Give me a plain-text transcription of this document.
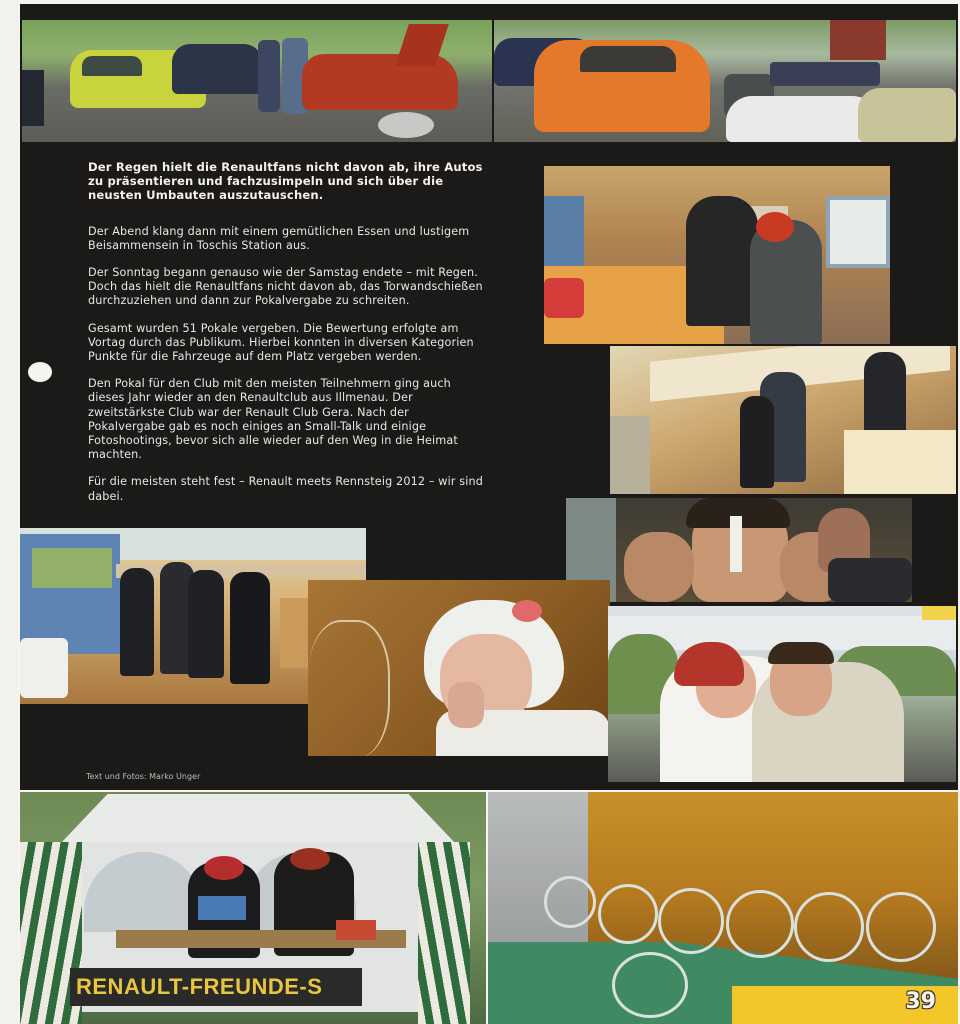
Der Regen hielt die Renaultfans nicht davon ab, ihre Autos zu präsentieren und fachzusimpeln und sich über die neusten Umbauten auszutauschen.

Der Abend klang dann mit einem gemütlichen Essen und lustigem Beisammensein in Toschis Station aus.

Der Sonntag begann genauso wie der Samstag endete – mit Regen. Doch das hielt die Renaultfans nicht davon ab, das Torwandschießen durchzuziehen und dann zur Pokalvergabe zu schreiten.

Gesamt wurden 51 Pokale vergeben. Die Bewertung erfolgte am Vortag durch das Publikum. Hierbei konnten in diversen Kategorien Punkte für die Fahrzeuge auf dem Platz vergeben werden.

Den Pokal für den Club mit den meisten Teilnehmern ging auch dieses Jahr wieder an den Renaultclub aus Illmenau. Der zweitstärkste Club war der Renault Club Gera. Nach der Pokalvergabe gab es noch einiges an Small-Talk und einige Fotoshootings, bevor sich alle wieder auf den Weg in die Heimat machten.

Für die meisten steht fest – Renault meets Rennsteig 2012 – wir sind dabei.

Text und Fotos: Marko Unger
RENAULT-FREUNDE-S
39
